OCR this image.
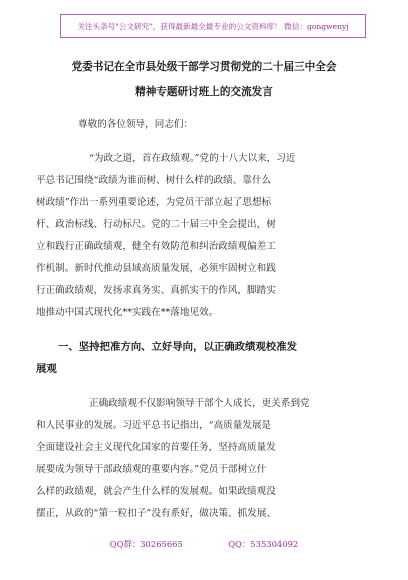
关注头条号"公文研究"，获得最新最全最专业的公文资料库！ 微信：gongwenyj
党委书记在全市县处级干部学习贯彻党的二十届三中全会
精神专题研讨班上的交流发言
尊敬的各位领导，同志们：
“为政之道，首在政绩观。”党的十八大以来，习近
平总书记围绕“政绩为谁而树、树什么样的政绩、靠什么
树政绩”作出一系列重要论述，为党员干部立起了思想标
杆、政治标线、行动标尺。党的二十届三中全会提出，树
立和践行正确政绩观，健全有效防范和纠治政绩观偏差工
作机制。新时代推动县域高质量发展，必须牢固树立和践
行正确政绩观，发扬求真务实、真抓实干的作风，脚踏实
地推动中国式现代化**实践在**落地见效。
一、坚持把准方向、立好导向，以正确政绩观校准发
展观
正确政绩观不仅影响领导干部个人成长，更关系到党
和人民事业的发展。习近平总书记指出，“高质量发展是
全面建设社会主义现代化国家的首要任务，坚持高质量发
展要成为领导干部政绩观的重要内容。”党员干部树立什
么样的政绩观，就会产生什么样的发展观。如果政绩观没
摆正，从政的“第一粒扣子”没有系好，做决策、抓发展、
QQ群：30265665	QQ：535304092
